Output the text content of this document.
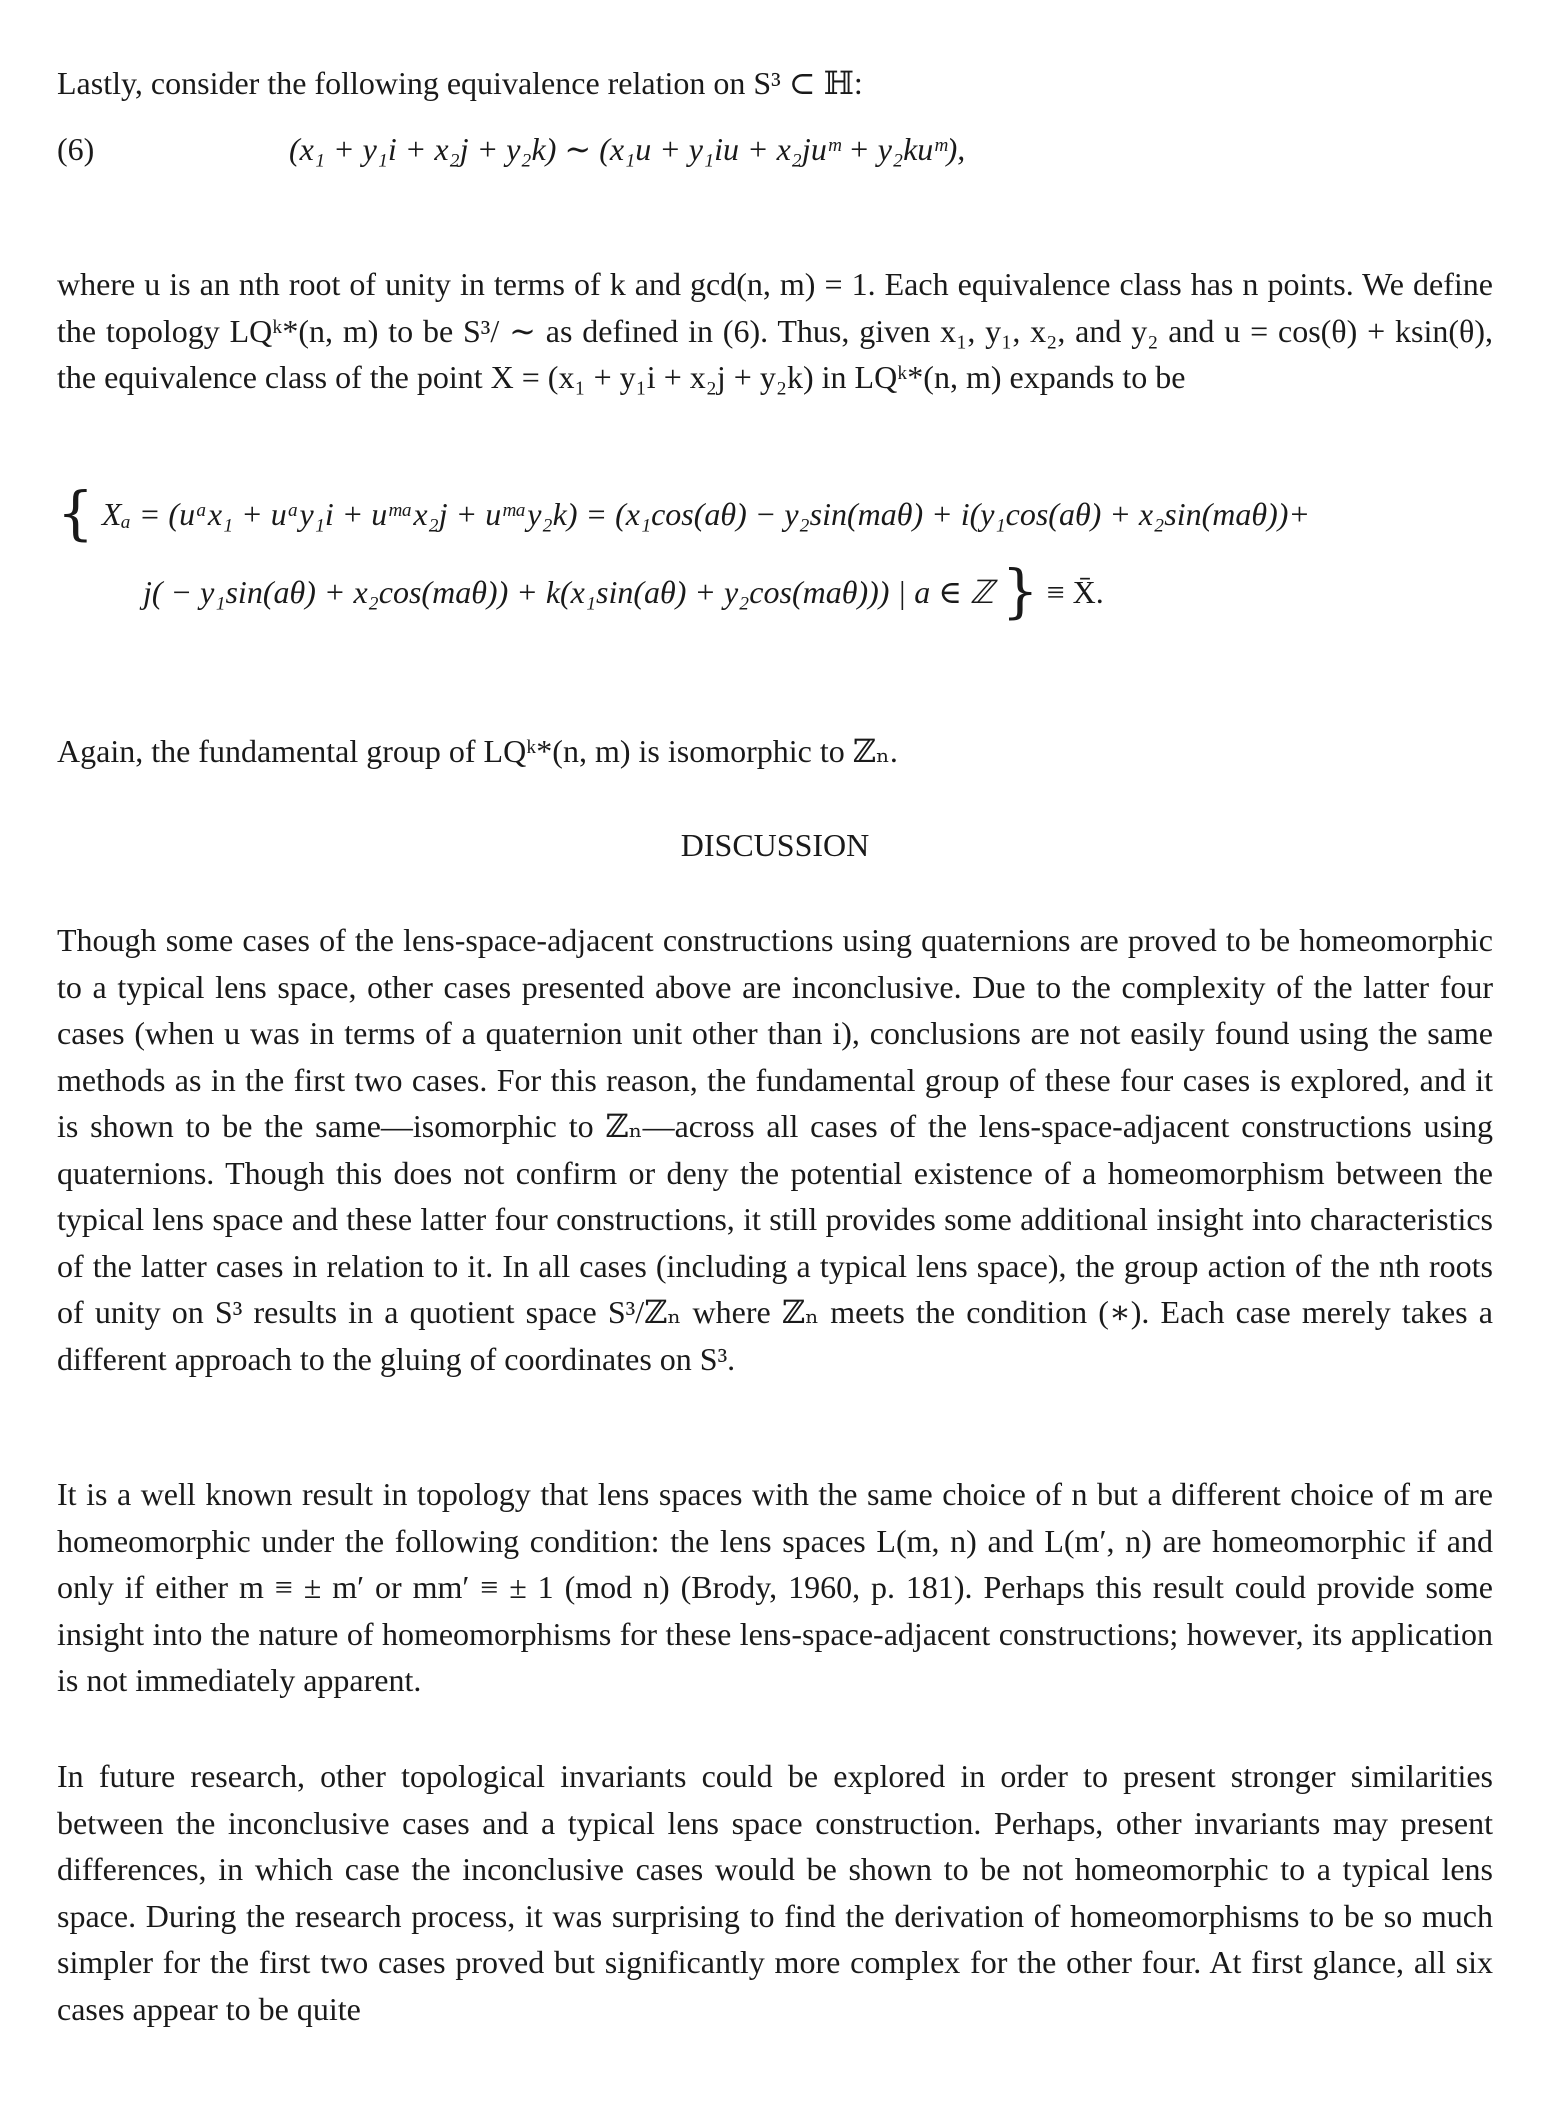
Lastly, consider the following equivalence relation on S³ ⊂ ℍ:

(6)	(x₁ + y₁i + x₂j + y₂k) ∼ (x₁u + y₁iu + x₂juᵐ + y₂kuᵐ),

where u is an nth root of unity in terms of k and gcd(n, m) = 1. Each equivalence class has n points. We define the topology LQᵏ*(n, m) to be S³/ ∼ as defined in (6). Thus, given x₁, y₁, x₂, and y₂ and u = cos(θ) + ksin(θ), the equivalence class of the point X = (x₁ + y₁i + x₂j + y₂k) in LQᵏ*(n, m) expands to be

{ Xₐ = (uᵃx₁ + uᵃy₁i + uᵐᵃx₂j + uᵐᵃy₂k) = (x₁cos(aθ) − y₂sin(maθ) + i(y₁cos(aθ) + x₂sin(maθ))+
j( − y₁sin(aθ) + x₂cos(maθ)) + k(x₁sin(aθ) + y₂cos(maθ))) | a ∈ ℤ } ≡ X̄.

Again, the fundamental group of LQᵏ*(n, m) is isomorphic to ℤₙ.

DISCUSSION

Though some cases of the lens-space-adjacent constructions using quaternions are proved to be homeomorphic to a typical lens space, other cases presented above are inconclusive. Due to the complexity of the latter four cases (when u was in terms of a quaternion unit other than i), conclusions are not easily found using the same methods as in the first two cases. For this reason, the fundamental group of these four cases is explored, and it is shown to be the same—isomorphic to ℤₙ—across all cases of the lens-space-adjacent constructions using quaternions. Though this does not confirm or deny the potential existence of a homeomorphism between the typical lens space and these latter four constructions, it still provides some additional insight into characteristics of the latter cases in relation to it. In all cases (including a typical lens space), the group action of the nth roots of unity on S³ results in a quotient space S³/ℤₙ where ℤₙ meets the condition (∗). Each case merely takes a different approach to the gluing of coordinates on S³.

It is a well known result in topology that lens spaces with the same choice of n but a different choice of m are homeomorphic under the following condition: the lens spaces L(m, n) and L(m′, n) are homeomorphic if and only if either m ≡ ± m′ or mm′ ≡ ± 1 (mod n) (Brody, 1960, p. 181). Perhaps this result could provide some insight into the nature of homeomorphisms for these lens-space-adjacent constructions; however, its application is not immediately apparent.

In future research, other topological invariants could be explored in order to present stronger similarities between the inconclusive cases and a typical lens space construction. Perhaps, other invariants may present differences, in which case the inconclusive cases would be shown to be not homeomorphic to a typical lens space. During the research process, it was surprising to find the derivation of homeomorphisms to be so much simpler for the first two cases proved but significantly more complex for the other four. At first glance, all six cases appear to be quite
